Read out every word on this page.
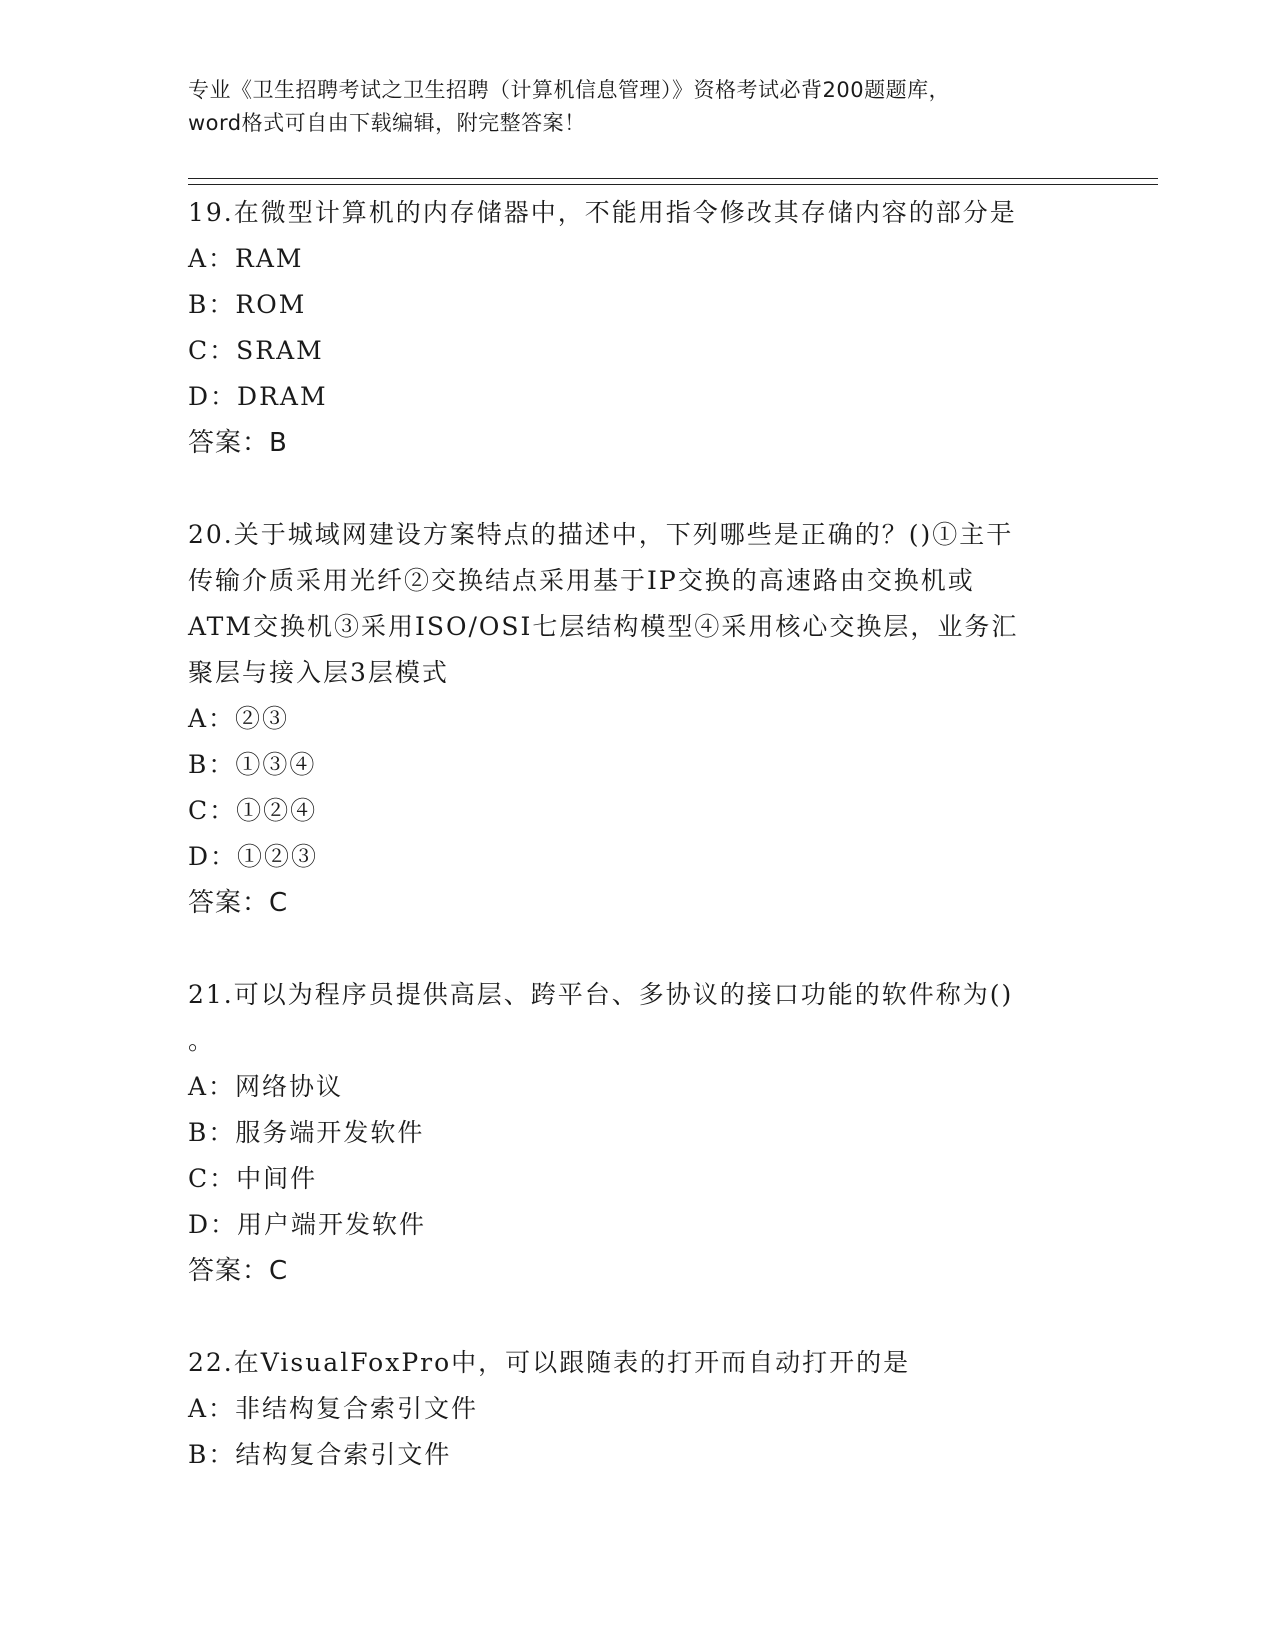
专业《卫生招聘考试之卫生招聘（计算机信息管理）》资格考试必背200题题库，
word格式可自由下载编辑，附完整答案！

19.在微型计算机的内存储器中，不能用指令修改其存储内容的部分是

A：RAM

B：ROM

C：SRAM

D：DRAM

答案：B

20.关于城域网建设方案特点的描述中，下列哪些是正确的？()①主干

传输介质采用光纤②交换结点采用基于IP交换的高速路由交换机或

ATM交换机③采用ISO/OSI七层结构模型④采用核心交换层，业务汇

聚层与接入层3层模式

A：②③

B：①③④

C：①②④

D：①②③

答案：C

21.可以为程序员提供高层、跨平台、多协议的接口功能的软件称为()

。

A：网络协议

B：服务端开发软件

C：中间件

D：用户端开发软件

答案：C

22.在VisualFoxPro中，可以跟随表的打开而自动打开的是

A：非结构复合索引文件

B：结构复合索引文件
